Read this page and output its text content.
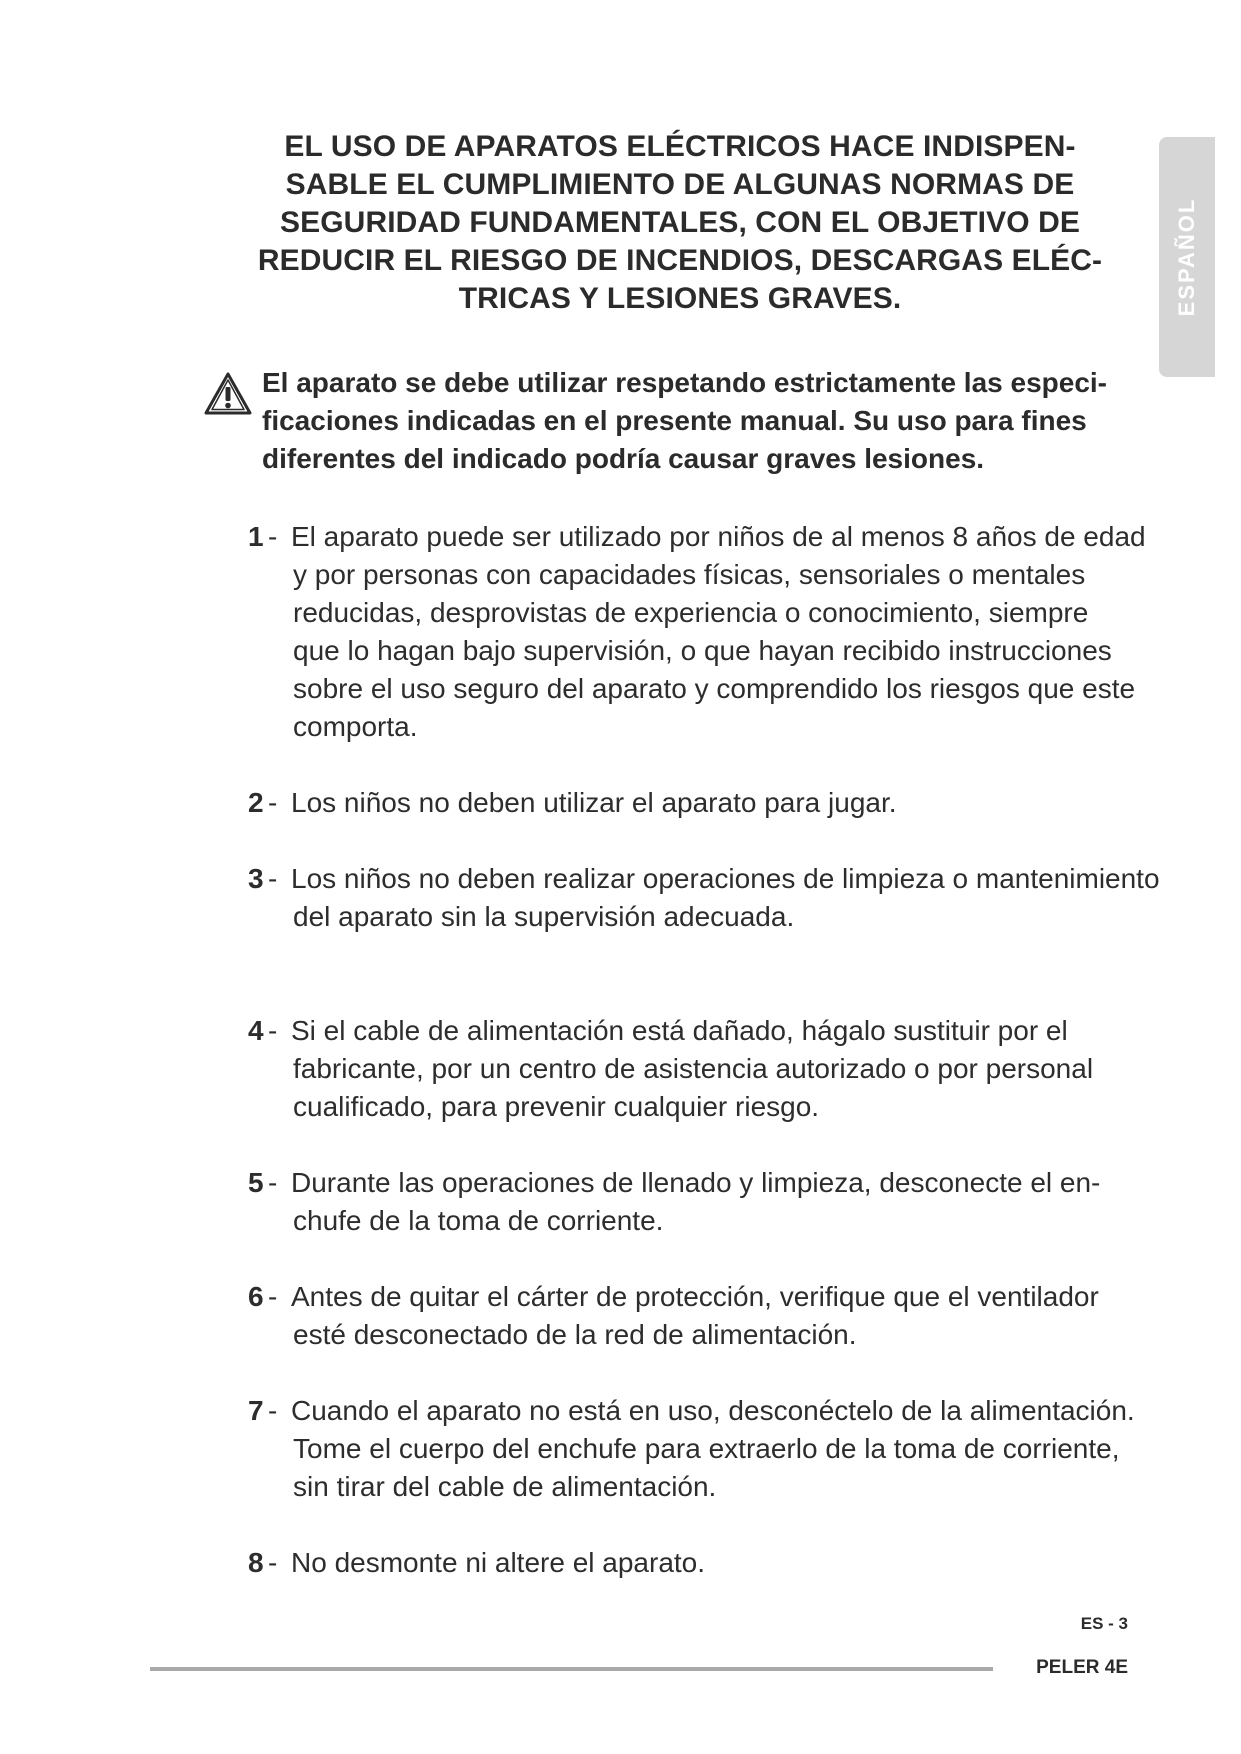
EL USO DE APARATOS ELÉCTRICOS HACE INDISPEN-
SABLE EL CUMPLIMIENTO DE ALGUNAS NORMAS DE
SEGURIDAD FUNDAMENTALES, CON EL OBJETIVO DE
REDUCIR EL RIESGO DE INCENDIOS, DESCARGAS ELÉC-
TRICAS Y LESIONES GRAVES.	ESPAÑOL
El aparato se debe utilizar respetando estrictamente las especi-
ficaciones indicadas en el presente manual. Su uso para fines
diferentes del indicado podría causar graves lesiones.
1 - El aparato puede ser utilizado por niños de al menos 8 años de edad
y por personas con capacidades físicas, sensoriales o mentales
reducidas, desprovistas de experiencia o conocimiento, siempre
que lo hagan bajo supervisión, o que hayan recibido instrucciones
sobre el uso seguro del aparato y comprendido los riesgos que este
comporta.
2 - Los niños no deben utilizar el aparato para jugar.
3 - Los niños no deben realizar operaciones de limpieza o mantenimiento
del aparato sin la supervisión adecuada.
4 - Si el cable de alimentación está dañado, hágalo sustituir por el
fabricante, por un centro de asistencia autorizado o por personal
cualificado, para prevenir cualquier riesgo.
5 - Durante las operaciones de llenado y limpieza, desconecte el en-
chufe de la toma de corriente.
6 - Antes de quitar el cárter de protección, verifique que el ventilador
esté desconectado de la red de alimentación.
7 - Cuando el aparato no está en uso, desconéctelo de la alimentación.
Tome el cuerpo del enchufe para extraerlo de la toma de corriente,
sin tirar del cable de alimentación.
8 - No desmonte ni altere el aparato.
ES - 3
PELER 4E
